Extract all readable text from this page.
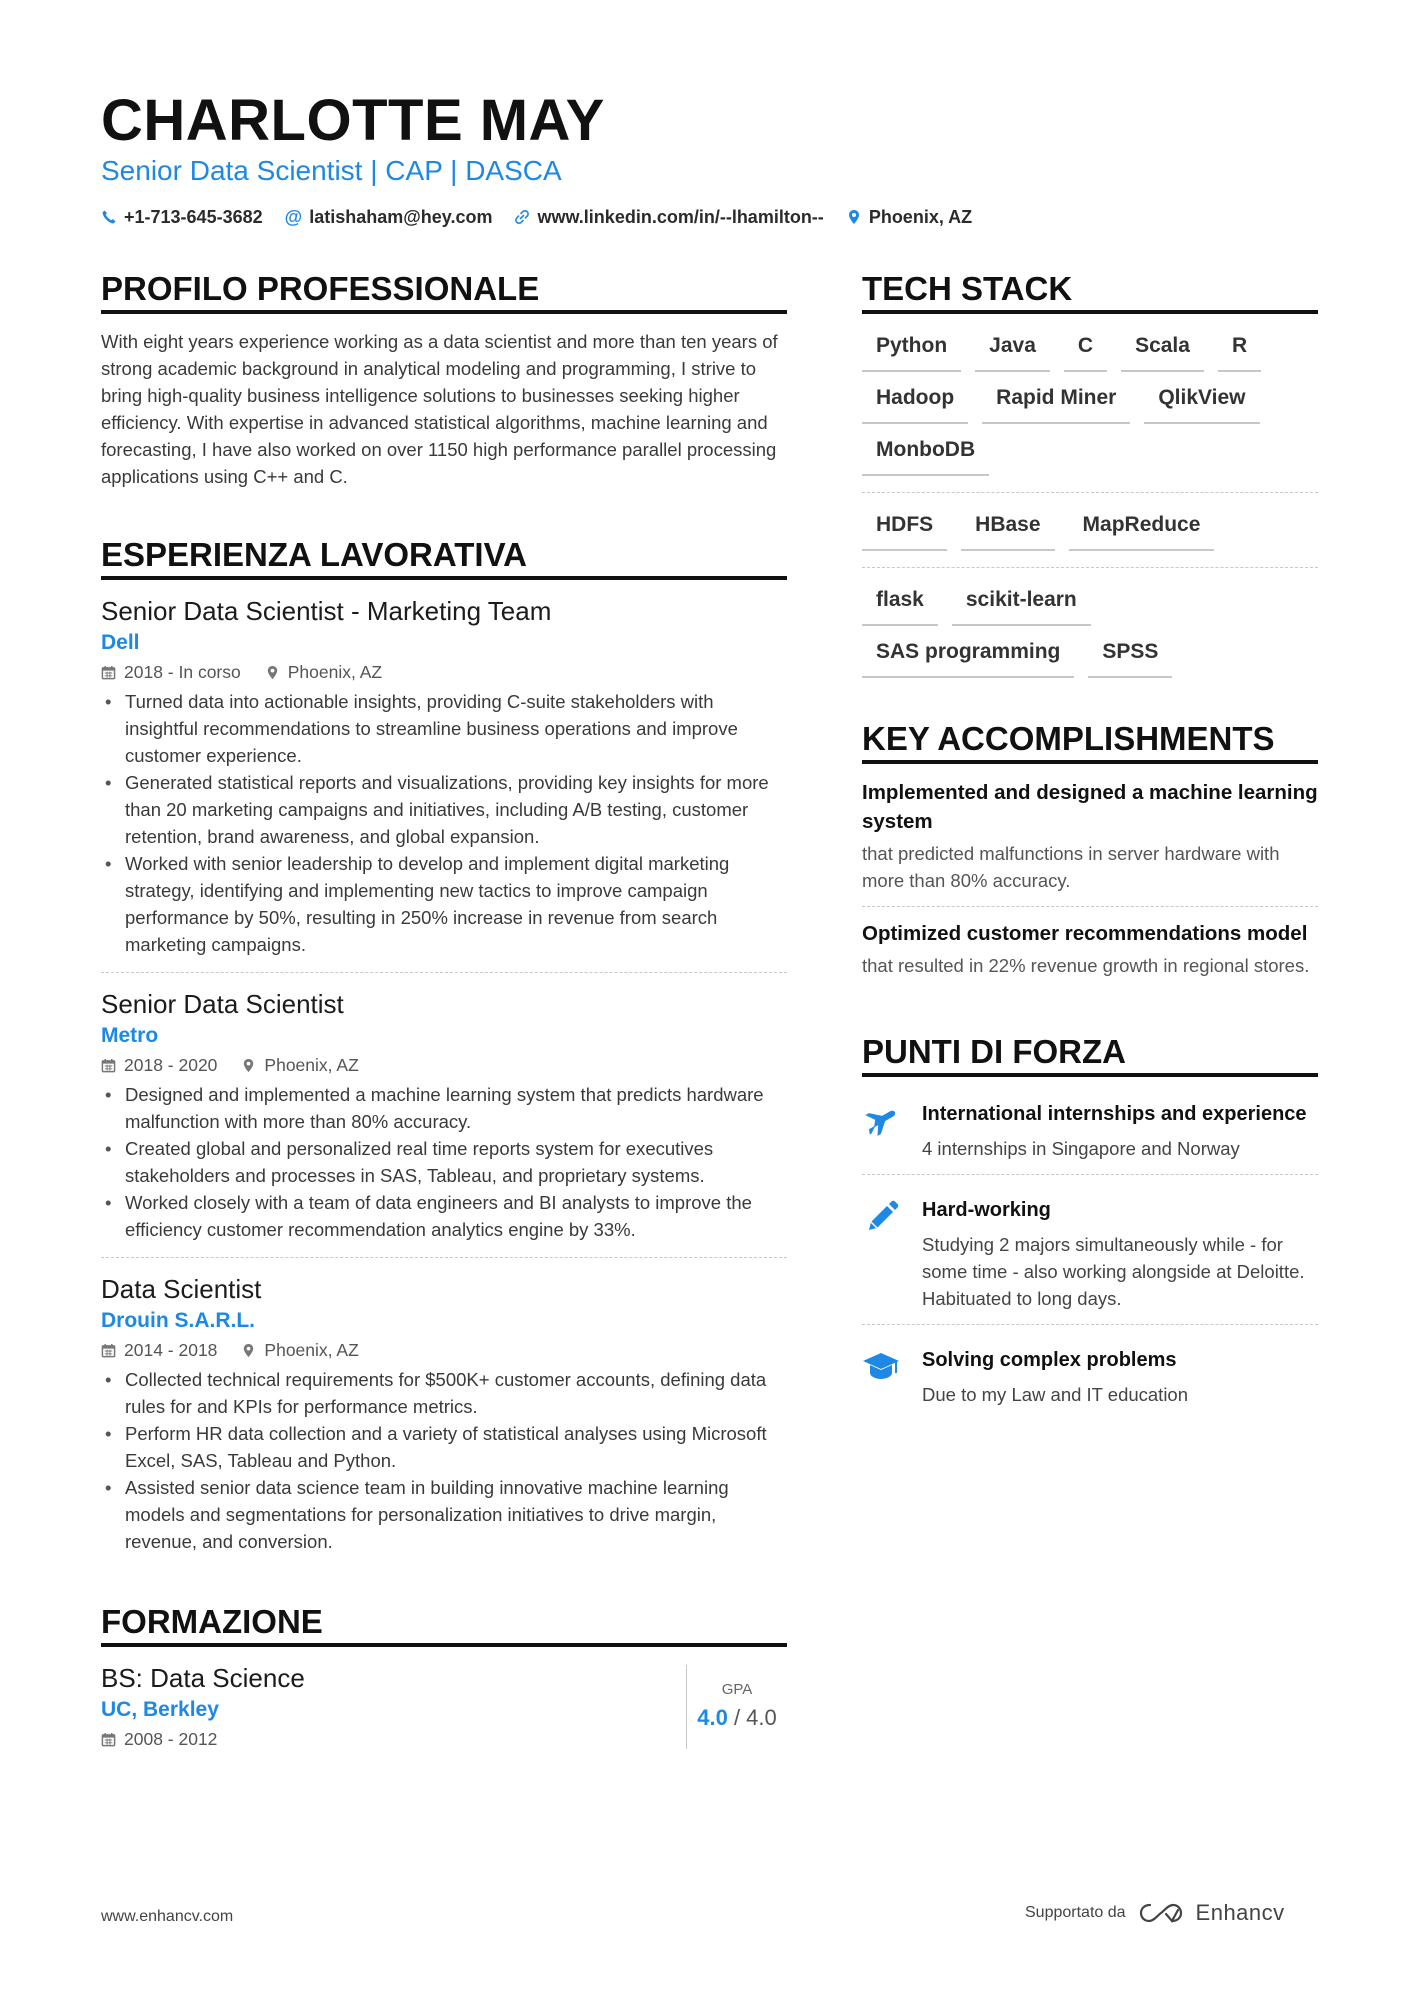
CHARLOTTE MAY
Senior Data Scientist | CAP | DASCA
+1-713-645-3682 @ latishaham@hey.com	www.linkedin.com/in/--lhamilton--	Phoenix, AZ
PROFILO PROFESSIONALE
With eight years experience working as a data scientist and more than ten years of strong academic background in analytical modeling and programming, I strive to bring high-quality business intelligence solutions to businesses seeking higher efficiency. With expertise in advanced statistical algorithms, machine learning and forecasting, I have also worked on over 1150 high performance parallel processing applications using C++ and C.
ESPERIENZA LAVORATIVA
Senior Data Scientist - Marketing Team
Dell
2018 - In corso	Phoenix, AZ
• Turned data into actionable insights, providing C-suite stakeholders with insightful recommendations to streamline business operations and improve customer experience.
• Generated statistical reports and visualizations, providing key insights for more than 20 marketing campaigns and initiatives, including A/B testing, customer retention, brand awareness, and global expansion.
• Worked with senior leadership to develop and implement digital marketing strategy, identifying and implementing new tactics to improve campaign performance by 50%, resulting in 250% increase in revenue from search marketing campaigns.
Senior Data Scientist
Metro
2018 - 2020	Phoenix, AZ
• Designed and implemented a machine learning system that predicts hardware malfunction with more than 80% accuracy.
• Created global and personalized real time reports system for executives stakeholders and processes in SAS, Tableau, and proprietary systems.
• Worked closely with a team of data engineers and BI analysts to improve the efficiency customer recommendation analytics engine by 33%.
Data Scientist
Drouin S.A.R.L.
2014 - 2018	Phoenix, AZ
• Collected technical requirements for $500K+ customer accounts, defining data rules for and KPIs for performance metrics.
• Perform HR data collection and a variety of statistical analyses using Microsoft Excel, SAS, Tableau and Python.
• Assisted senior data science team in building innovative machine learning models and segmentations for personalization initiatives to drive margin, revenue, and conversion.
FORMAZIONE
BS: Data Science
UC, Berkley
2008 - 2012
GPA
4.0 / 4.0
TECH STACK
Python	Java	C	Scala	R
Hadoop	Rapid Miner	QlikView
MonboDB
HDFS	HBase	MapReduce
flask	scikit-learn
SAS programming	SPSS
KEY ACCOMPLISHMENTS
Implemented and designed a machine learning system
that predicted malfunctions in server hardware with more than 80% accuracy.
Optimized customer recommendations model
that resulted in 22% revenue growth in regional stores.
PUNTI DI FORZA
International internships and experience
4 internships in Singapore and Norway
Hard-working
Studying 2 majors simultaneously while - for some time - also working alongside at Deloitte. Habituated to long days.
Solving complex problems
Due to my Law and IT education
www.enhancv.com	Supportato da	Enhancv
